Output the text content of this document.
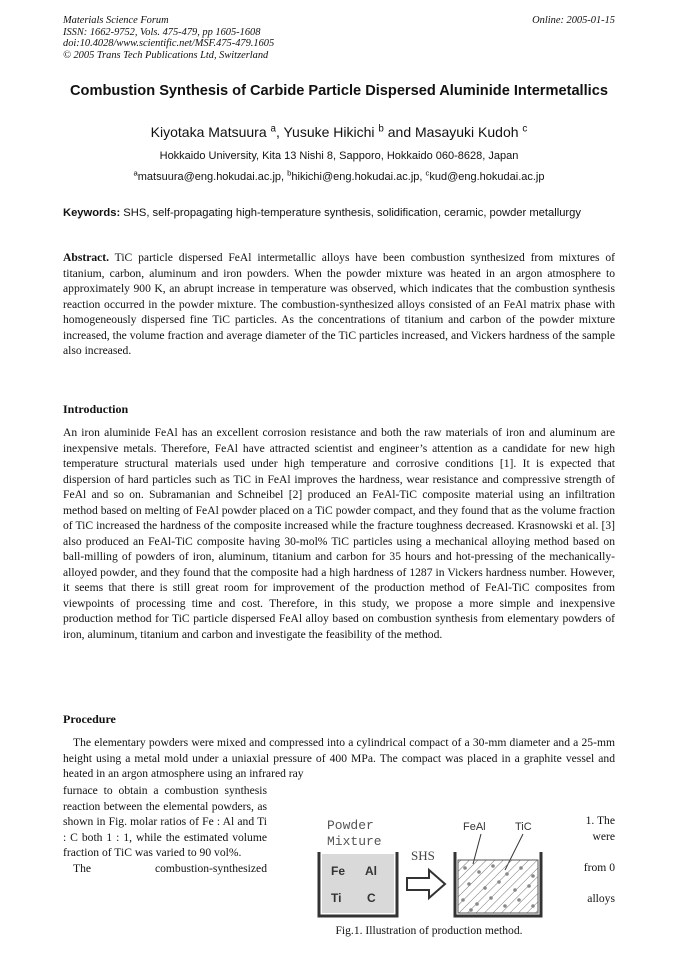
Materials Science Forum
ISSN: 1662-9752, Vols. 475-479, pp 1605-1608
doi:10.4028/www.scientific.net/MSF.475-479.1605
© 2005 Trans Tech Publications Ltd, Switzerland
Online: 2005-01-15
Combustion Synthesis of Carbide Particle Dispersed Aluminide Intermetallics
Kiyotaka Matsuura $^a$, Yusuke Hikichi $^b$ and Masayuki Kudoh $^c$
Hokkaido University, Kita 13 Nishi 8, Sapporo, Hokkaido 060-8628, Japan
$^a$matsuura@eng.hokudai.ac.jp, $^b$hikichi@eng.hokudai.ac.jp, $^c$kud@eng.hokudai.ac.jp
Keywords: SHS, self-propagating high-temperature synthesis, solidification, ceramic, powder metallurgy
Abstract. TiC particle dispersed FeAl intermetallic alloys have been combustion synthesized from mixtures of titanium, carbon, aluminum and iron powders. When the powder mixture was heated in an argon atmosphere to approximately 900 K, an abrupt increase in temperature was observed, which indicates that the combustion synthesis reaction occurred in the powder mixture. The combustion-synthesized alloys consisted of an FeAl matrix phase with homogeneously dispersed fine TiC particles. As the concentrations of titanium and carbon of the powder mixture increased, the volume fraction and average diameter of the TiC particles increased, and Vickers hardness of the sample also increased.
Introduction
An iron aluminide FeAl has an excellent corrosion resistance and both the raw materials of iron and aluminum are inexpensive metals. Therefore, FeAl have attracted scientist and engineer’s attention as a candidate for new high temperature structural materials used under high temperature and corrosive conditions [1]. It is expected that dispersion of hard particles such as TiC in FeAl improves the hardness, wear resistance and compressive strength of FeAl and so on. Subramanian and Schneibel [2] produced an FeAl-TiC composite material using an infiltration method based on melting of FeAl powder placed on a TiC powder compact, and they found that as the volume fraction of TiC increased the hardness of the composite increased while the fracture toughness decreased. Krasnowski et al. [3] also produced an FeAl-TiC composite having 30-mol% TiC particles using a mechanical alloying method based on ball-milling of powders of iron, aluminum, titanium and carbon for 35 hours and hot-pressing of the mechanically-alloyed powder, and they found that the composite had a high hardness of 1287 in Vickers hardness number. However, it seems that there is still great room for improvement of the production method of FeAl-TiC composites from viewpoints of processing time and cost. Therefore, in this study, we propose a more simple and inexpensive production method for TiC particle dispersed FeAl alloy based on combustion synthesis from elementary powders of iron, aluminum, titanium and carbon and investigate the feasibility of the method.
Procedure
The elementary powders were mixed and compressed into a cylindrical compact of a 30-mm diameter and a 25-mm height using a metal mold under a uniaxial pressure of 400 MPa. The compact was placed in a graphite vessel and heated in an argon atmosphere using an infrared ray
furnace to obtain a combustion synthesis reaction between the elemental powders, as shown in Fig. molar ratios of Fe : Al and Ti : C both 1 : 1, while the estimated volume fraction of TiC was varied to 90 vol%.
The combustion-synthesized
1. The
were
from 0
alloys
Powder
Mixture
Fe Al
Ti C
SHS
FeAl	TiC
Fig.1. Illustration of production method.
